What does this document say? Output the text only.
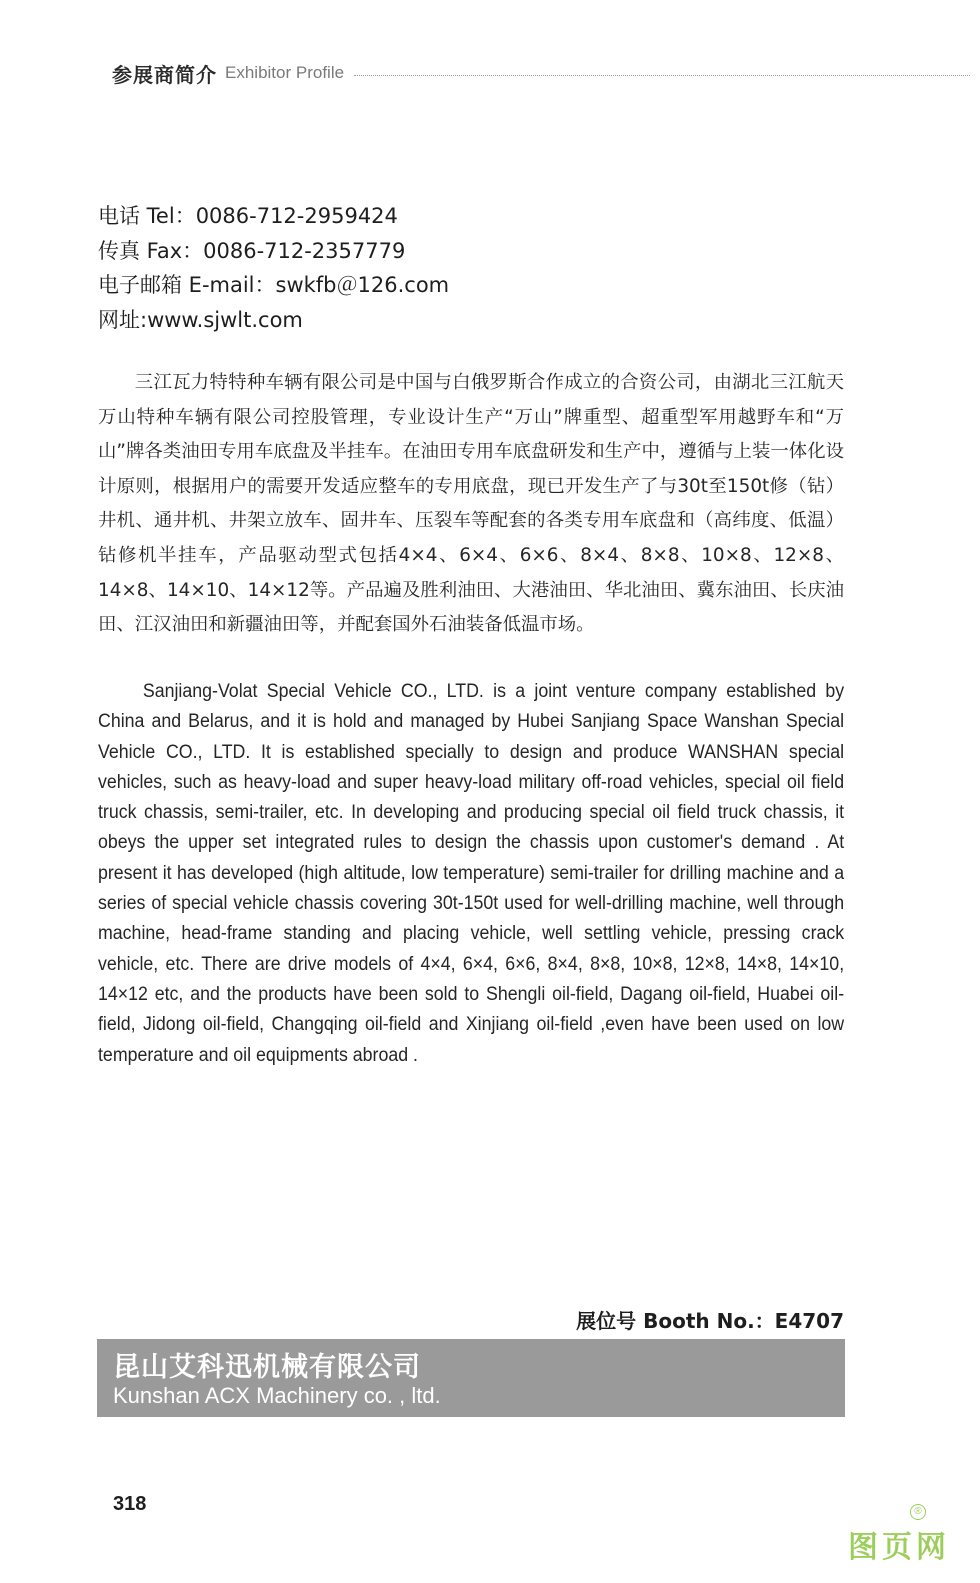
参展商简介 Exhibitor Profile
电话 Tel：0086-712-2959424
传真 Fax：0086-712-2357779
电子邮箱 E-mail：swkfb＠126.com
网址:www.sjwlt.com

三江瓦力特特种车辆有限公司是中国与白俄罗斯合作成立的合资公司，由湖北三江航天万山特种车辆有限公司控股管理，专业设计生产“万山”牌重型、超重型军用越野车和“万山”牌各类油田专用车底盘及半挂车。在油田专用车底盘研发和生产中，遵循与上装一体化设计原则，根据用户的需要开发适应整车的专用底盘，现已开发生产了与30t至150t修（钻）井机、通井机、井架立放车、固井车、压裂车等配套的各类专用车底盘和（高纬度、低温）钻修机半挂车，产品驱动型式包括4×4、6×4、6×6、8×4、8×8、10×8、12×8、14×8、14×10、14×12等。产品遍及胜利油田、大港油田、华北油田、冀东油田、长庆油田、江汉油田和新疆油田等，并配套国外石油装备低温市场。

Sanjiang-Volat Special Vehicle CO., LTD. is a joint venture company established by China and Belarus, and it is hold and managed by Hubei Sanjiang Space Wanshan Special Vehicle CO., LTD. It is established specially to design and produce WANSHAN special vehicles, such as heavy-load and super heavy-load military off-road vehicles, special oil field truck chassis, semi-trailer, etc. In developing and producing special oil field truck chassis, it obeys the upper set integrated rules to design the chassis upon customer's demand . At present it has developed (high altitude, low temperature) semi-trailer for drilling machine and a series of special vehicle chassis covering 30t-150t used for well-drilling machine, well through machine, head-frame standing and placing vehicle, well settling vehicle, pressing crack vehicle, etc. There are drive models of 4×4, 6×4, 6×6, 8×4, 8×8, 10×8, 12×8, 14×8, 14×10, 14×12 etc, and the products have been sold to Shengli oil-field, Dagang oil-field, Huabei oil-field, Jidong oil-field, Changqing oil-field and Xinjiang oil-field ,even have been used on low temperature and oil equipments abroad .

展位号 Booth No.：E4707
昆山艾科迅机械有限公司
Kunshan ACX Machinery co. , ltd.
318
图页网
®
